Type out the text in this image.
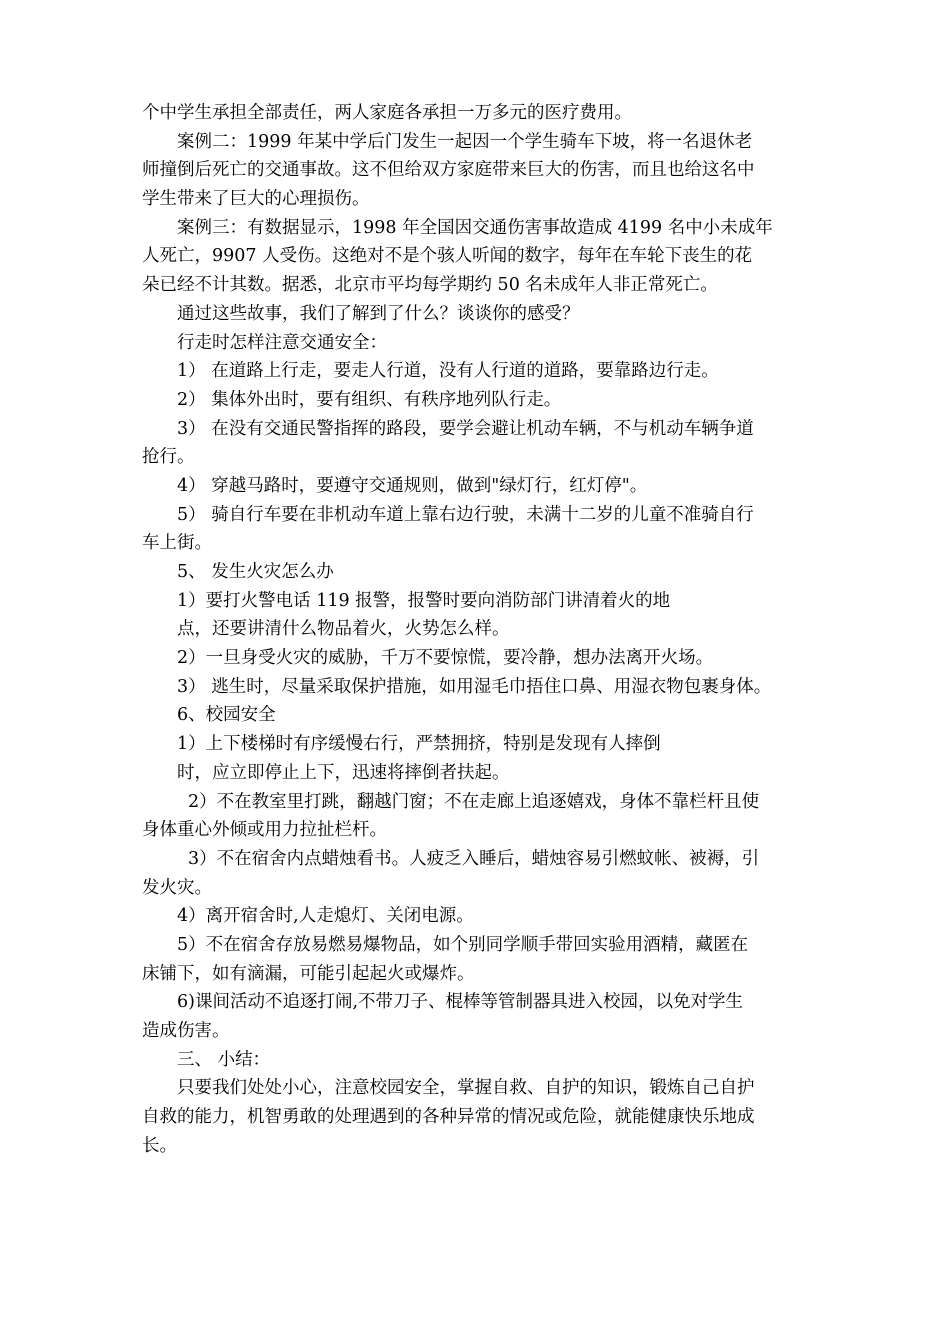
个中学生承担全部责任，两人家庭各承担一万多元的医疗费用。
案例二：1999 年某中学后门发生一起因一个学生骑车下坡，将一名退休老
师撞倒后死亡的交通事故。这不但给双方家庭带来巨大的伤害，而且也给这名中
学生带来了巨大的心理损伤。
案例三：有数据显示，1998 年全国因交通伤害事故造成 4199 名中小未成年
人死亡，9907 人受伤。这绝对不是个骇人听闻的数字，每年在车轮下丧生的花
朵已经不计其数。据悉，北京市平均每学期约 50 名未成年人非正常死亡。
通过这些故事，我们了解到了什么？谈谈你的感受？
行走时怎样注意交通安全：
1） 在道路上行走，要走人行道，没有人行道的道路，要靠路边行走。
2） 集体外出时，要有组织、有秩序地列队行走。
3） 在没有交通民警指挥的路段，要学会避让机动车辆，不与机动车辆争道
抢行。
4） 穿越马路时，要遵守交通规则，做到"绿灯行，红灯停"。
5） 骑自行车要在非机动车道上靠右边行驶，未满十二岁的儿童不准骑自行
车上街。
5、 发生火灾怎么办
1）要打火警电话 119 报警，报警时要向消防部门讲清着火的地
点，还要讲清什么物品着火，火势怎么样。
2）一旦身受火灾的威胁，千万不要惊慌，要冷静，想办法离开火场。
3） 逃生时，尽量采取保护措施，如用湿毛巾捂住口鼻、用湿衣物包裹身体。
6、校园安全
1）上下楼梯时有序缓慢右行，严禁拥挤，特别是发现有人摔倒
时，应立即停止上下，迅速将摔倒者扶起。
2）不在教室里打跳，翻越门窗；不在走廊上追逐嬉戏，身体不靠栏杆且使
身体重心外倾或用力拉扯栏杆。
3）不在宿舍内点蜡烛看书。人疲乏入睡后，蜡烛容易引燃蚊帐、被褥，引
发火灾。
4）离开宿舍时,人走熄灯、关闭电源。
5）不在宿舍存放易燃易爆物品，如个别同学顺手带回实验用酒精，藏匿在
床铺下，如有滴漏，可能引起起火或爆炸。
6)课间活动不追逐打闹,不带刀子、棍棒等管制器具进入校园，以免对学生
造成伤害。
三、 小结：
只要我们处处小心，注意校园安全，掌握自救、自护的知识，锻炼自己自护
自救的能力，机智勇敢的处理遇到的各种异常的情况或危险，就能健康快乐地成
长。
